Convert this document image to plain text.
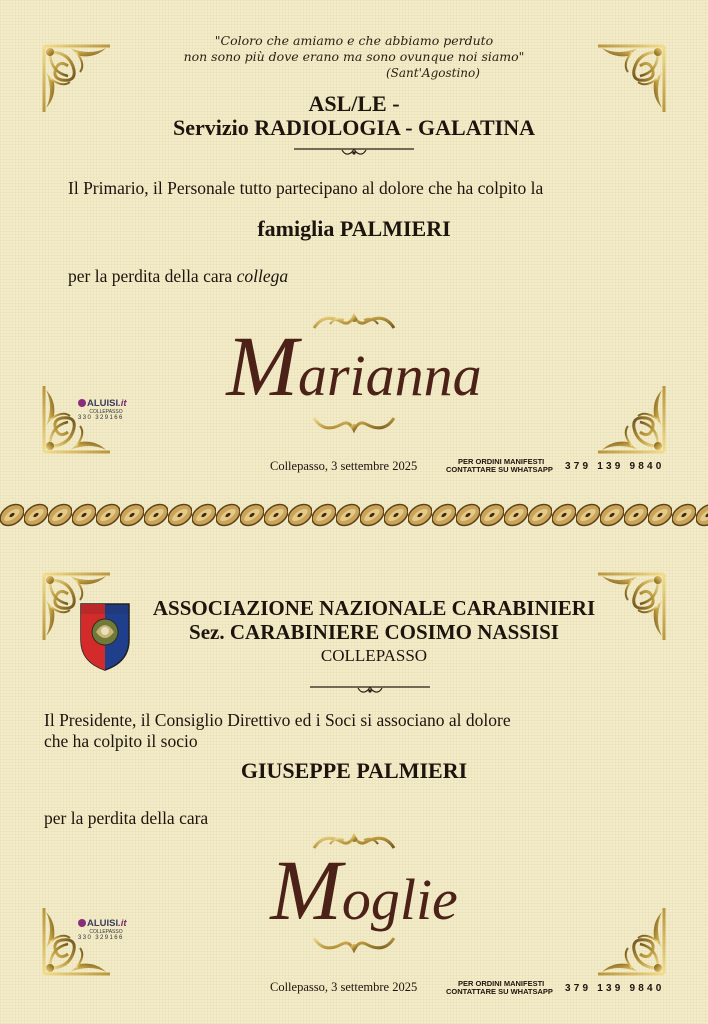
"Coloro che amiamo e che abbiamo perduto
non sono più dove erano ma sono ovunque noi siamo"
(Sant'Agostino)
ASL/LE -
Servizio RADIOLOGIA - GALATINA
Il Primario, il Personale tutto partecipano al dolore che ha colpito la
famiglia PALMIERI
per la perdita della cara collega
Marianna
ALUISI.it
COLLEPASSO
330 329166
Collepasso, 3 settembre 2025	PER ORDINI MANIFESTI
CONTATTARE SU WHATSAPP 379 139 9840
ASSOCIAZIONE NAZIONALE CARABINIERI
Sez. CARABINIERE COSIMO NASSISI
COLLEPASSO
Il Presidente, il Consiglio Direttivo ed i Soci si associano al dolore
che ha colpito il socio
GIUSEPPE PALMIERI
per la perdita della cara
Moglie
ALUISI.it
COLLEPASSO
330 329166
Collepasso, 3 settembre 2025	PER ORDINI MANIFESTI
CONTATTARE SU WHATSAPP 379 139 9840
